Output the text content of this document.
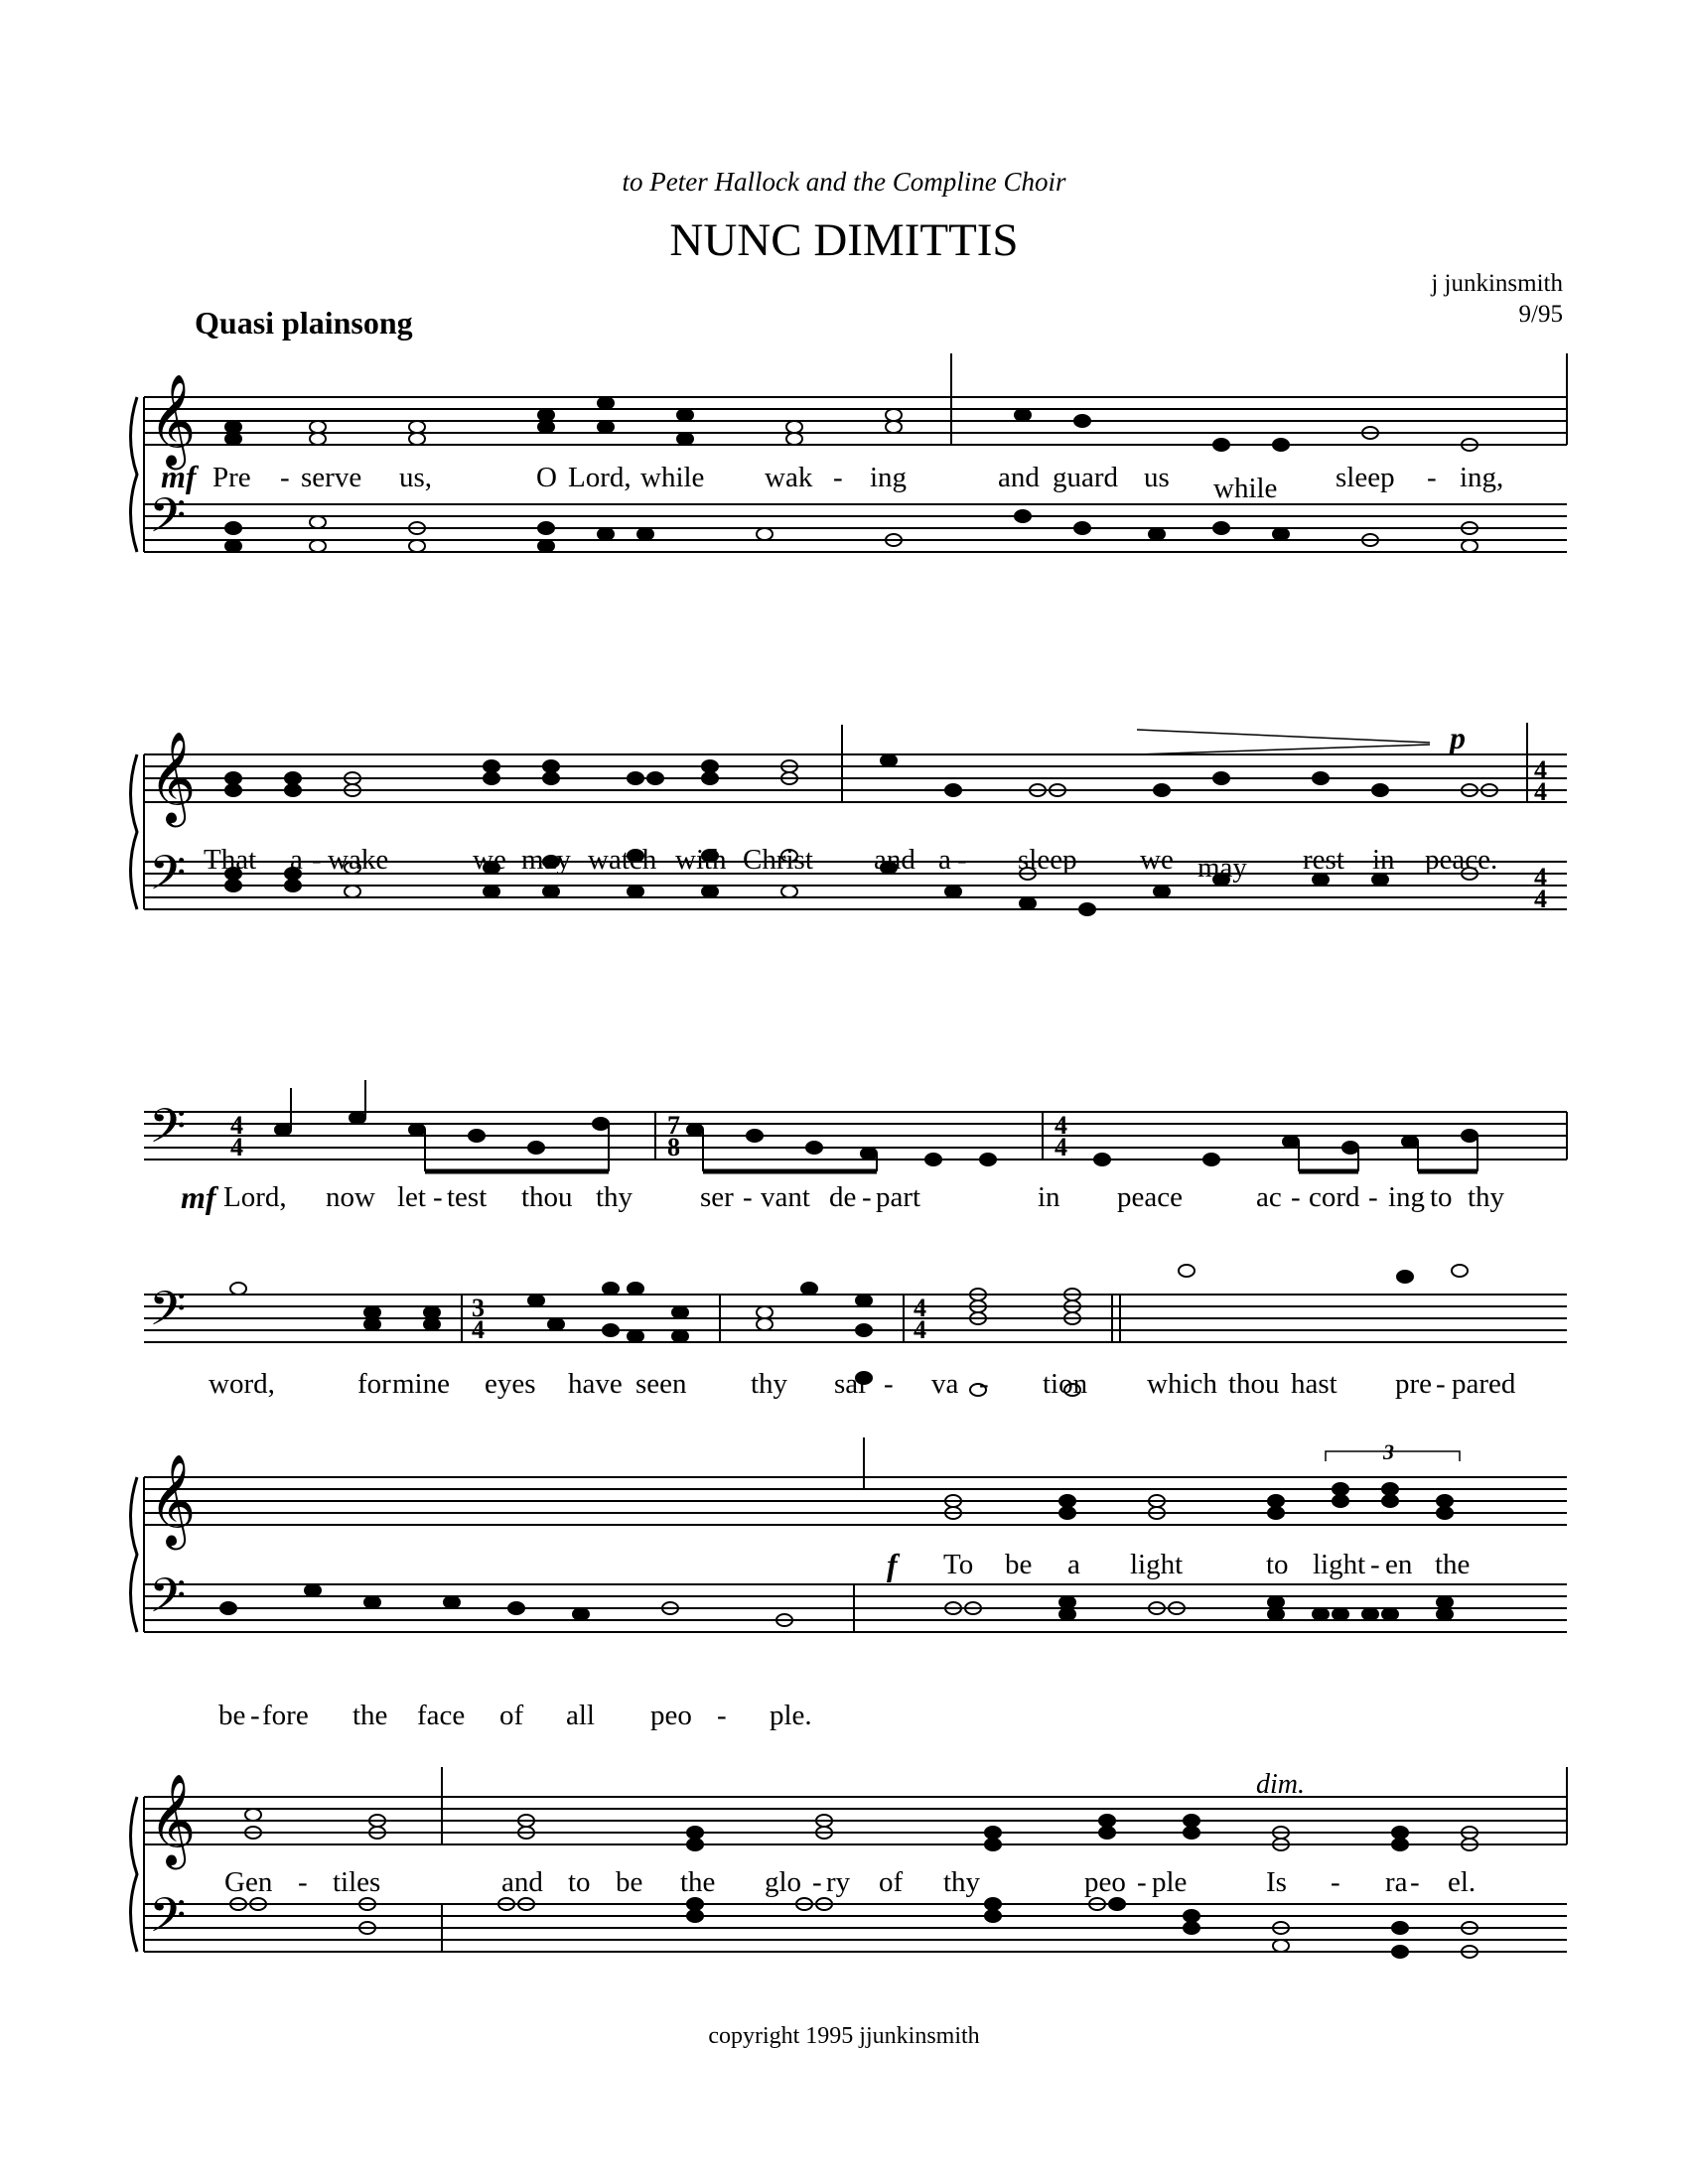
to Peter Hallock and the Compline Choir
NUNC DIMITTIS
j junkinsmith
9/95
Quasi plainsong
𝄞
𝄢
𝄞
𝄢
4
4
4
4
𝄢 4
4
7
8
4
4
𝄢	3
4
4
4
𝄞
𝄢
3
𝄞
𝄢
mf Pre - serve us,	O Lord, while wak - ing	and guard us while sleep - ing,
p
That a - wake	we may watch with Christ and a - sleep we may rest in peace.
mf Lord, now let - test thou thy ser - vant de - part	in peace	ac - cord - ing to thy
word,	for mine eyes have seen thy sal - va - tion which thou hast pre - pared
f To be a light	to light - en the
be - fore the face of all peo - ple.
dim.
Gen - tiles	and to be the glo - ry of thy	peo - ple	Is - ra - el.
copyright 1995 jjunkinsmith
